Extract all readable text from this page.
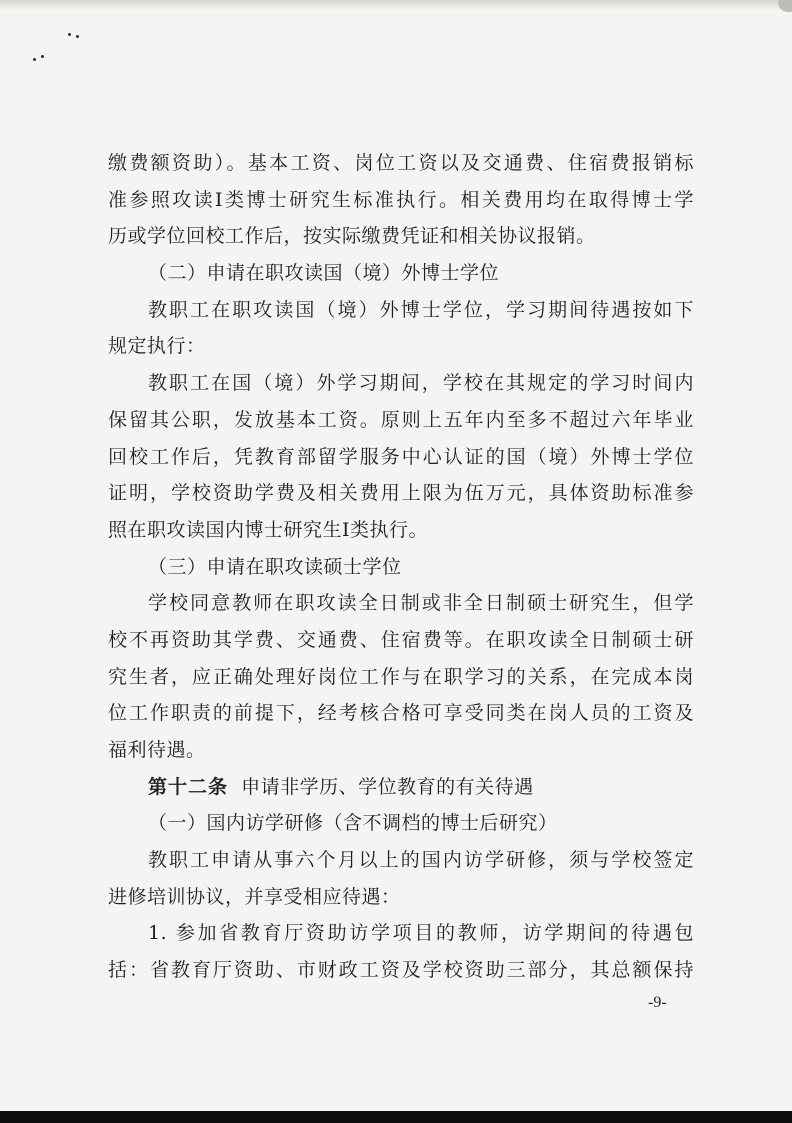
缴费额资助）。基本工资、岗位工资以及交通费、住宿费报销标
准参照攻读Ⅰ类博士研究生标准执行。相关费用均在取得博士学
历或学位回校工作后，按实际缴费凭证和相关协议报销。
（二）申请在职攻读国（境）外博士学位
教职工在职攻读国（境）外博士学位，学习期间待遇按如下
规定执行：
教职工在国（境）外学习期间，学校在其规定的学习时间内
保留其公职，发放基本工资。原则上五年内至多不超过六年毕业
回校工作后，凭教育部留学服务中心认证的国（境）外博士学位
证明，学校资助学费及相关费用上限为伍万元，具体资助标准参
照在职攻读国内博士研究生Ⅰ类执行。
（三）申请在职攻读硕士学位
学校同意教师在职攻读全日制或非全日制硕士研究生，但学
校不再资助其学费、交通费、住宿费等。在职攻读全日制硕士研
究生者，应正确处理好岗位工作与在职学习的关系，在完成本岗
位工作职责的前提下，经考核合格可享受同类在岗人员的工资及
福利待遇。
第十二条 申请非学历、学位教育的有关待遇
（一）国内访学研修（含不调档的博士后研究）
教职工申请从事六个月以上的国内访学研修，须与学校签定
进修培训协议，并享受相应待遇：
1. 参加省教育厅资助访学项目的教师，访学期间的待遇包
括：省教育厅资助、市财政工资及学校资助三部分，其总额保持
-9-
